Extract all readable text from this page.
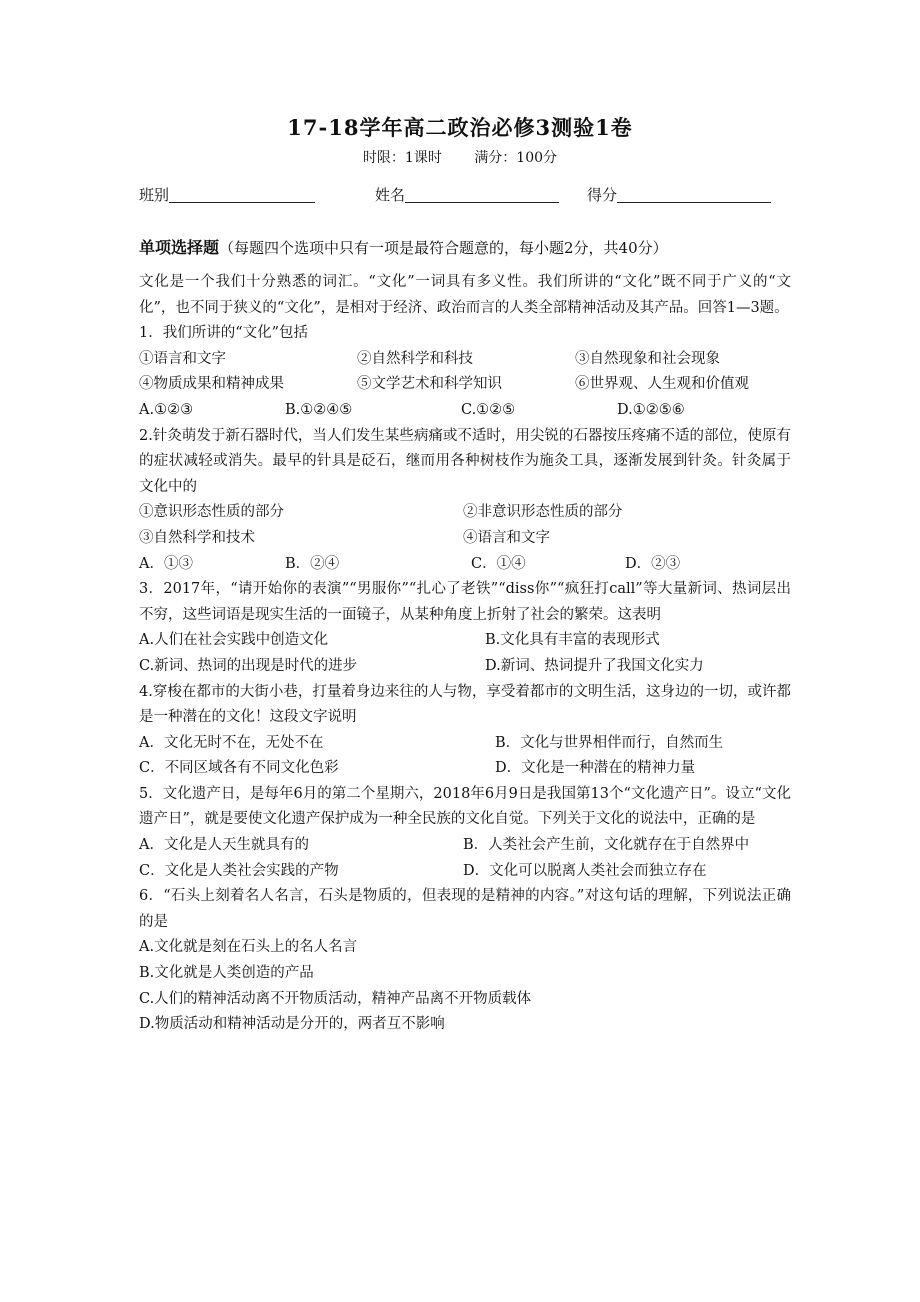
17-18学年高二政治必修3测验1卷
时限：1课时 满分：100分
班别	姓名	得分
单项选择题（每题四个选项中只有一项是最符合题意的，每小题2分，共40分）

文化是一个我们十分熟悉的词汇。“文化”一词具有多义性。我们所讲的“文化”既不同于广义的“文化”，也不同于狭义的“文化”，是相对于经济、政治而言的人类全部精神活动及其产品。回答1—3题。

1．我们所讲的“文化”包括
①语言和文字	②自然科学和科技	③自然现象和社会现象
④物质成果和精神成果	⑤文学艺术和科学知识	⑥世界观、人生观和价值观
A.①②③	B.①②④⑤	C.①②⑤	D.①②⑤⑥

2.针灸萌发于新石器时代，当人们发生某些病痛或不适时，用尖锐的石器按压疼痛不适的部位，使原有的症状减轻或消失。最早的针具是砭石，继而用各种树枝作为施灸工具，逐渐发展到针灸。针灸属于文化中的

①意识形态性质的部分	②非意识形态性质的部分
③自然科学和技术	④语言和文字
A．①③	B．②④	C．①④	D．②③

3．2017年，“请开始你的表演”“男服你”“扎心了老铁”“diss你”“疯狂打call”等大量新词、热词层出不穷，这些词语是现实生活的一面镜子，从某种角度上折射了社会的繁荣。这表明

A.人们在社会实践中创造文化	B.文化具有丰富的表现形式
C.新词、热词的出现是时代的进步	D.新词、热词提升了我国文化实力

4.穿梭在都市的大街小巷，打量着身边来往的人与物，享受着都市的文明生活，这身边的一切，或许都是一种潜在的文化！这段文字说明

A．文化无时不在，无处不在	B．文化与世界相伴而行，自然而生
C．不同区域各有不同文化色彩	D．文化是一种潜在的精神力量

5．文化遗产日，是每年6月的第二个星期六，2018年6月9日是我国第13个“文化遗产日”。设立“文化遗产日”，就是要使文化遗产保护成为一种全民族的文化自觉。下列关于文化的说法中，正确的是

A．文化是人天生就具有的	B．人类社会产生前，文化就存在于自然界中
C．文化是人类社会实践的产物	D．文化可以脱离人类社会而独立存在

6．“石头上刻着名人名言，石头是物质的，但表现的是精神的内容。”对这句话的理解，下列说法正确的是

A.文化就是刻在石头上的名人名言
B.文化就是人类创造的产品
C.人们的精神活动离不开物质活动，精神产品离不开物质载体
D.物质活动和精神活动是分开的，两者互不影响
